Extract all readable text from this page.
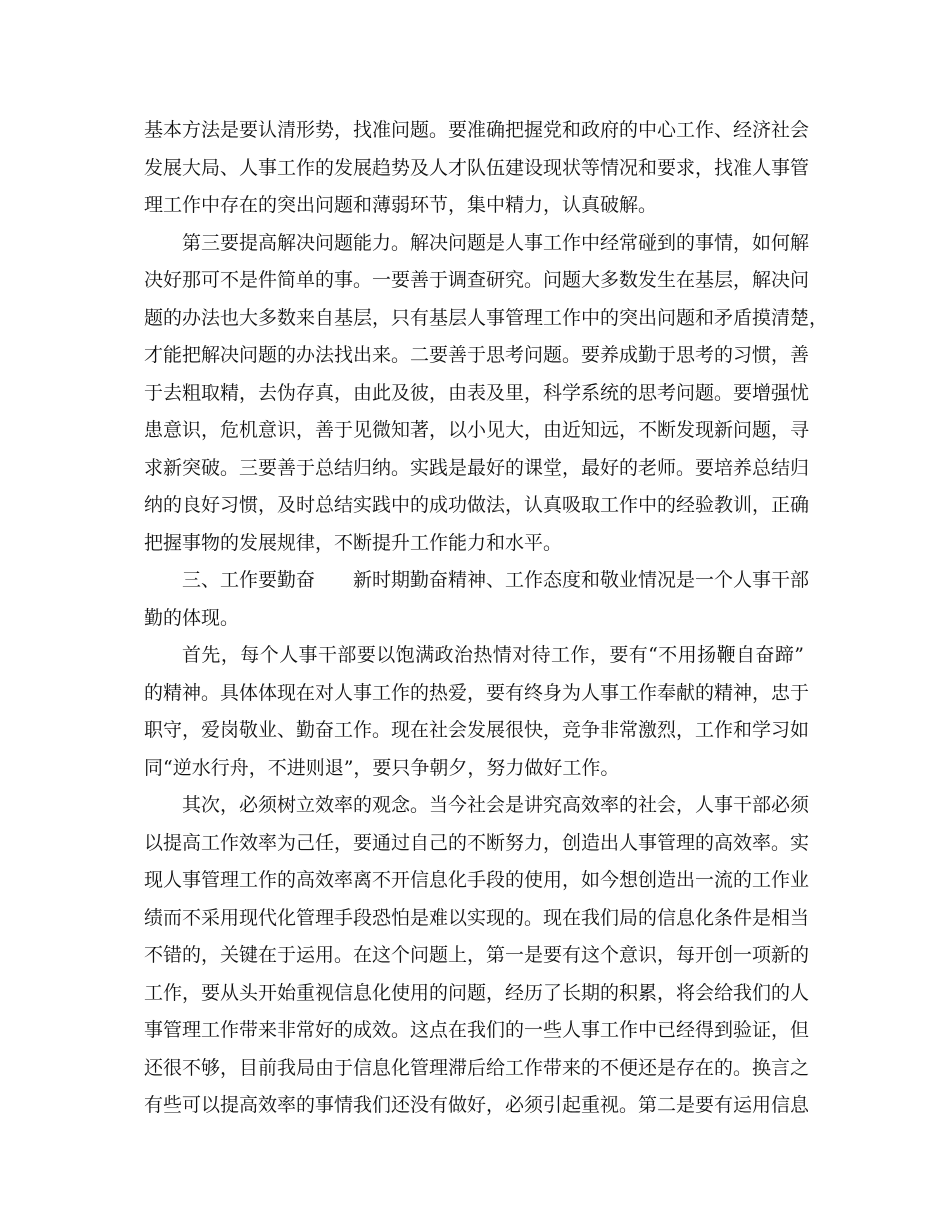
基本方法是要认清形势，找准问题。要准确把握党和政府的中心工作、经济社会
发展大局、人事工作的发展趋势及人才队伍建设现状等情况和要求，找准人事管
理工作中存在的突出问题和薄弱环节，集中精力，认真破解。
第三要提高解决问题能力。解决问题是人事工作中经常碰到的事情，如何解
决好那可不是件简单的事。一要善于调查研究。问题大多数发生在基层，解决问
题的办法也大多数来自基层，只有基层人事管理工作中的突出问题和矛盾摸清楚，
才能把解决问题的办法找出来。二要善于思考问题。要养成勤于思考的习惯，善
于去粗取精，去伪存真，由此及彼，由表及里，科学系统的思考问题。要增强忧
患意识，危机意识，善于见微知著，以小见大，由近知远，不断发现新问题，寻
求新突破。三要善于总结归纳。实践是最好的课堂，最好的老师。要培养总结归
纳的良好习惯，及时总结实践中的成功做法，认真吸取工作中的经验教训，正确
把握事物的发展规律，不断提升工作能力和水平。
三、工作要勤奋　　新时期勤奋精神、工作态度和敬业情况是一个人事干部
勤的体现。
首先，每个人事干部要以饱满政治热情对待工作，要有“不用扬鞭自奋蹄”
的精神。具体体现在对人事工作的热爱，要有终身为人事工作奉献的精神，忠于
职守，爱岗敬业、勤奋工作。现在社会发展很快，竞争非常激烈，工作和学习如
同“逆水行舟，不进则退”，要只争朝夕，努力做好工作。
其次，必须树立效率的观念。当今社会是讲究高效率的社会，人事干部必须
以提高工作效率为己任，要通过自己的不断努力，创造出人事管理的高效率。实
现人事管理工作的高效率离不开信息化手段的使用，如今想创造出一流的工作业
绩而不采用现代化管理手段恐怕是难以实现的。现在我们局的信息化条件是相当
不错的，关键在于运用。在这个问题上，第一是要有这个意识，每开创一项新的
工作，要从头开始重视信息化使用的问题，经历了长期的积累，将会给我们的人
事管理工作带来非常好的成效。这点在我们的一些人事工作中已经得到验证，但
还很不够，目前我局由于信息化管理滞后给工作带来的不便还是存在的。换言之
有些可以提高效率的事情我们还没有做好，必须引起重视。第二是要有运用信息
